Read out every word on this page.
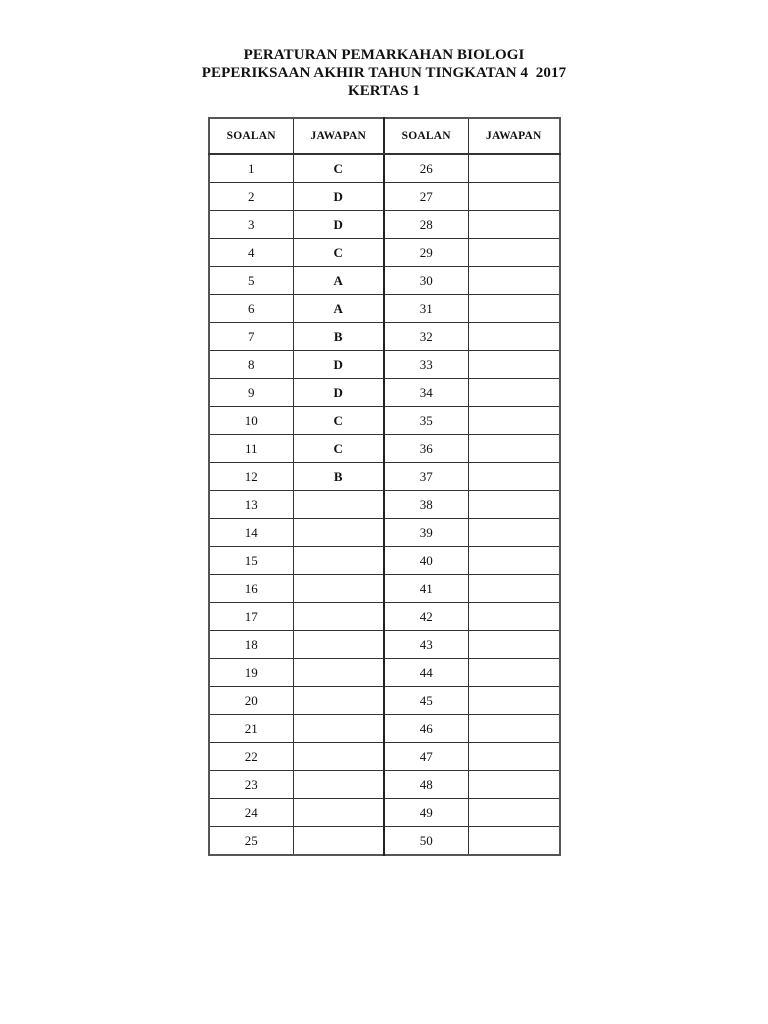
PERATURAN PEMARKAHAN BIOLOGI
PEPERIKSAAN AKHIR TAHUN TINGKATAN 4  2017
KERTAS 1
SOALAN	JAWAPAN	SOALAN	JAWAPAN
1	C	26	
2	D	27	
3	D	28	
4	C	29	
5	A	30	
6	A	31	
7	B	32	
8	D	33	
9	D	34	
10	C	35	
11	C	36	
12	B	37	
13		38	
14		39	
15		40	
16		41	
17		42	
18		43	
19		44	
20		45	
21		46	
22		47	
23		48	
24		49	
25		50	
